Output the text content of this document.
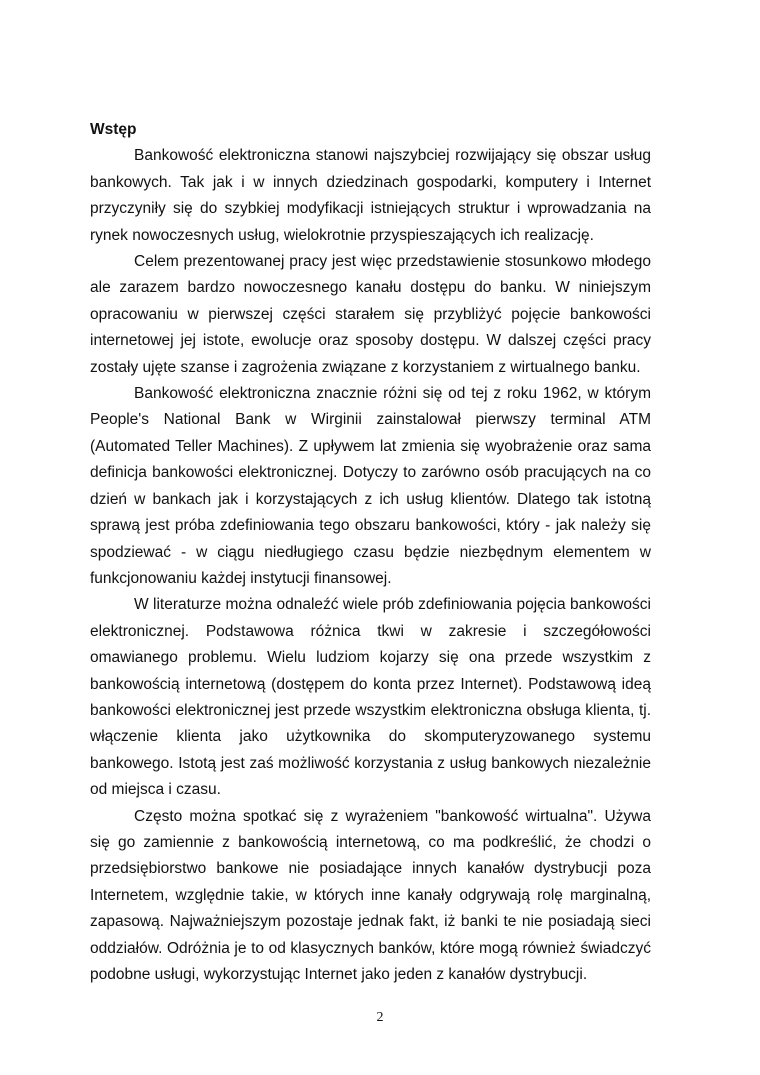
Wstęp

Bankowość elektroniczna stanowi najszybciej rozwijający się obszar usług bankowych. Tak jak i w innych dziedzinach gospodarki, komputery i Internet przyczyniły się do szybkiej modyfikacji istniejących struktur i wprowadzania na rynek nowoczesnych usług, wielokrotnie przyspieszających ich realizację.

Celem prezentowanej pracy jest więc przedstawienie stosunkowo młodego ale zarazem bardzo nowoczesnego kanału dostępu do banku. W niniejszym opracowaniu w pierwszej części starałem się przybliżyć pojęcie bankowości internetowej jej istote, ewolucje oraz sposoby dostępu. W dalszej części pracy zostały ujęte szanse i zagrożenia związane z korzystaniem z wirtualnego banku.

Bankowość elektroniczna znacznie różni się od tej z roku 1962, w którym People's National Bank w Wirginii zainstalował pierwszy terminal ATM (Automated Teller Machines). Z upływem lat zmienia się wyobrażenie oraz sama definicja bankowości elektronicznej. Dotyczy to zarówno osób pracujących na co dzień w bankach jak i korzystających z ich usług klientów. Dlatego tak istotną sprawą jest próba zdefiniowania tego obszaru bankowości, który - jak należy się spodziewać - w ciągu niedługiego czasu będzie niezbędnym elementem w funkcjonowaniu każdej instytucji finansowej.

W literaturze można odnaleźć wiele prób zdefiniowania pojęcia bankowości elektronicznej. Podstawowa różnica tkwi w zakresie i szczegółowości omawianego problemu. Wielu ludziom kojarzy się ona przede wszystkim z bankowością internetową (dostępem do konta przez Internet). Podstawową ideą bankowości elektronicznej jest przede wszystkim elektroniczna obsługa klienta, tj. włączenie klienta jako użytkownika do skomputeryzowanego systemu bankowego. Istotą jest zaś możliwość korzystania z usług bankowych niezależnie od miejsca i czasu.

Często można spotkać się z wyrażeniem "bankowość wirtualna". Używa się go zamiennie z bankowością internetową, co ma podkreślić, że chodzi o przedsiębiorstwo bankowe nie posiadające innych kanałów dystrybucji poza Internetem, względnie takie, w których inne kanały odgrywają rolę marginalną, zapasową. Najważniejszym pozostaje jednak fakt, iż banki te nie posiadają sieci oddziałów. Odróżnia je to od klasycznych banków, które mogą również świadczyć podobne usługi, wykorzystując Internet jako jeden z kanałów dystrybucji.

2
